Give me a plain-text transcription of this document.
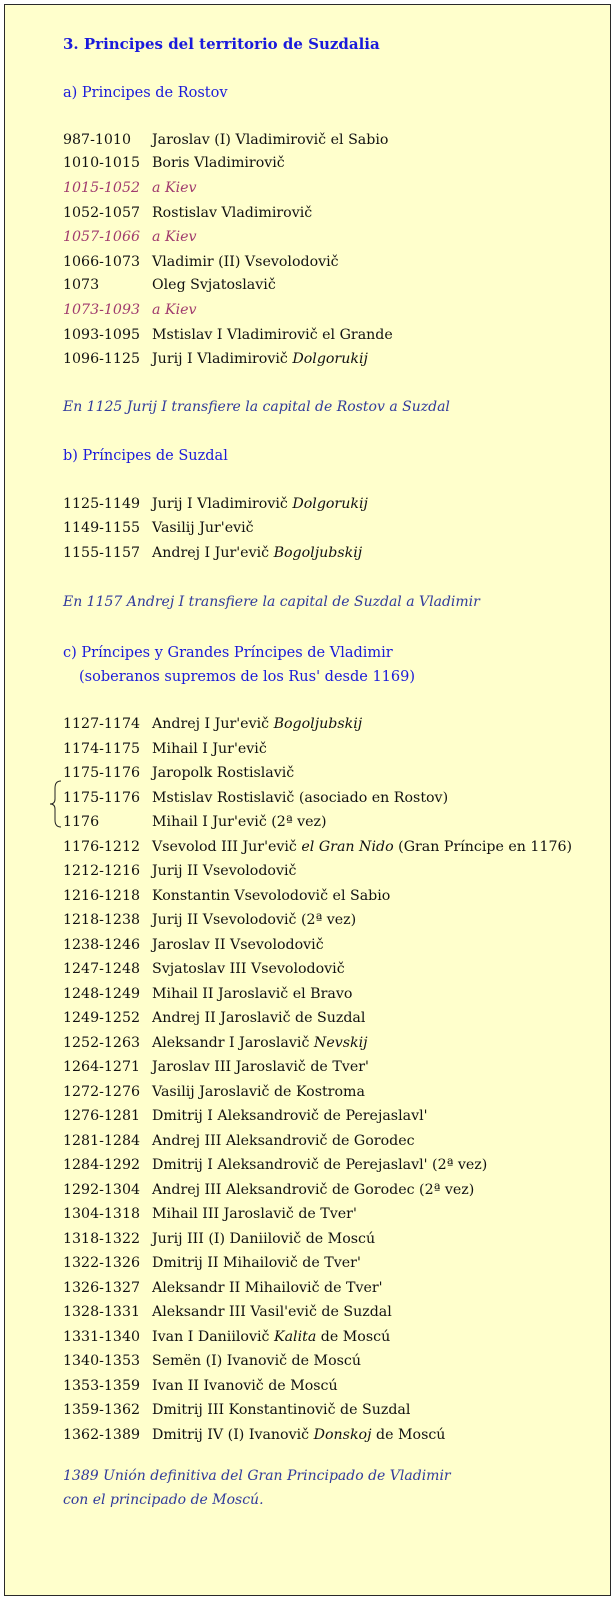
3. Principes del territorio de Suzdalia
a) Principes de Rostov
987-1010 Jaroslav (I) Vladimirovič el Sabio
1010-1015 Boris Vladimirovič
1015-1052 a Kiev
1052-1057 Rostislav Vladimirovič
1057-1066 a Kiev
1066-1073 Vladimir (II) Vsevolodovič
1073	Oleg Svjatoslavič
1073-1093 a Kiev
1093-1095 Mstislav I Vladimirovič el Grande
1096-1125 Jurij I Vladimirovič Dolgorukij
En 1125 Jurij I transfiere la capital de Rostov a Suzdal
b) Príncipes de Suzdal
1125-1149 Jurij I Vladimirovič Dolgorukij
1149-1155 Vasilij Jur'evič
1155-1157 Andrej I Jur'evič Bogoljubskij
En 1157 Andrej I transfiere la capital de Suzdal a Vladimir
c) Príncipes y Grandes Príncipes de Vladimir
(soberanos supremos de los Rus' desde 1169)
1127-1174 Andrej I Jur'evič Bogoljubskij
1174-1175 Mihail I Jur'evič
1175-1176 Jaropolk Rostislavič
1175-1176 Mstislav Rostislavič (asociado en Rostov)
1176	Mihail I Jur'evič (2ª vez)
1176-1212 Vsevolod III Jur'evič el Gran Nido (Gran Príncipe en 1176)
1212-1216 Jurij II Vsevolodovič
1216-1218 Konstantin Vsevolodovič el Sabio
1218-1238 Jurij II Vsevolodovič (2ª vez)
1238-1246 Jaroslav II Vsevolodovič
1247-1248 Svjatoslav III Vsevolodovič
1248-1249 Mihail II Jaroslavič el Bravo
1249-1252 Andrej II Jaroslavič de Suzdal
1252-1263 Aleksandr I Jaroslavič Nevskij
1264-1271 Jaroslav III Jaroslavič de Tver'
1272-1276 Vasilij Jaroslavič de Kostroma
1276-1281 Dmitrij I Aleksandrovič de Perejaslavl'
1281-1284 Andrej III Aleksandrovič de Gorodec
1284-1292 Dmitrij I Aleksandrovič de Perejaslavl' (2ª vez)
1292-1304 Andrej III Aleksandrovič de Gorodec (2ª vez)
1304-1318 Mihail III Jaroslavič de Tver'
1318-1322 Jurij III (I) Daniilovič de Moscú
1322-1326 Dmitrij II Mihailovič de Tver'
1326-1327 Aleksandr II Mihailovič de Tver'
1328-1331 Aleksandr III Vasil'evič de Suzdal
1331-1340 Ivan I Daniilovič Kalita de Moscú
1340-1353 Semën (I) Ivanovič de Moscú
1353-1359 Ivan II Ivanovič de Moscú
1359-1362 Dmitrij III Konstantinovič de Suzdal
1362-1389 Dmitrij IV (I) Ivanovič Donskoj de Moscú
1389 Unión definitiva del Gran Principado de Vladimir
con el principado de Moscú.
